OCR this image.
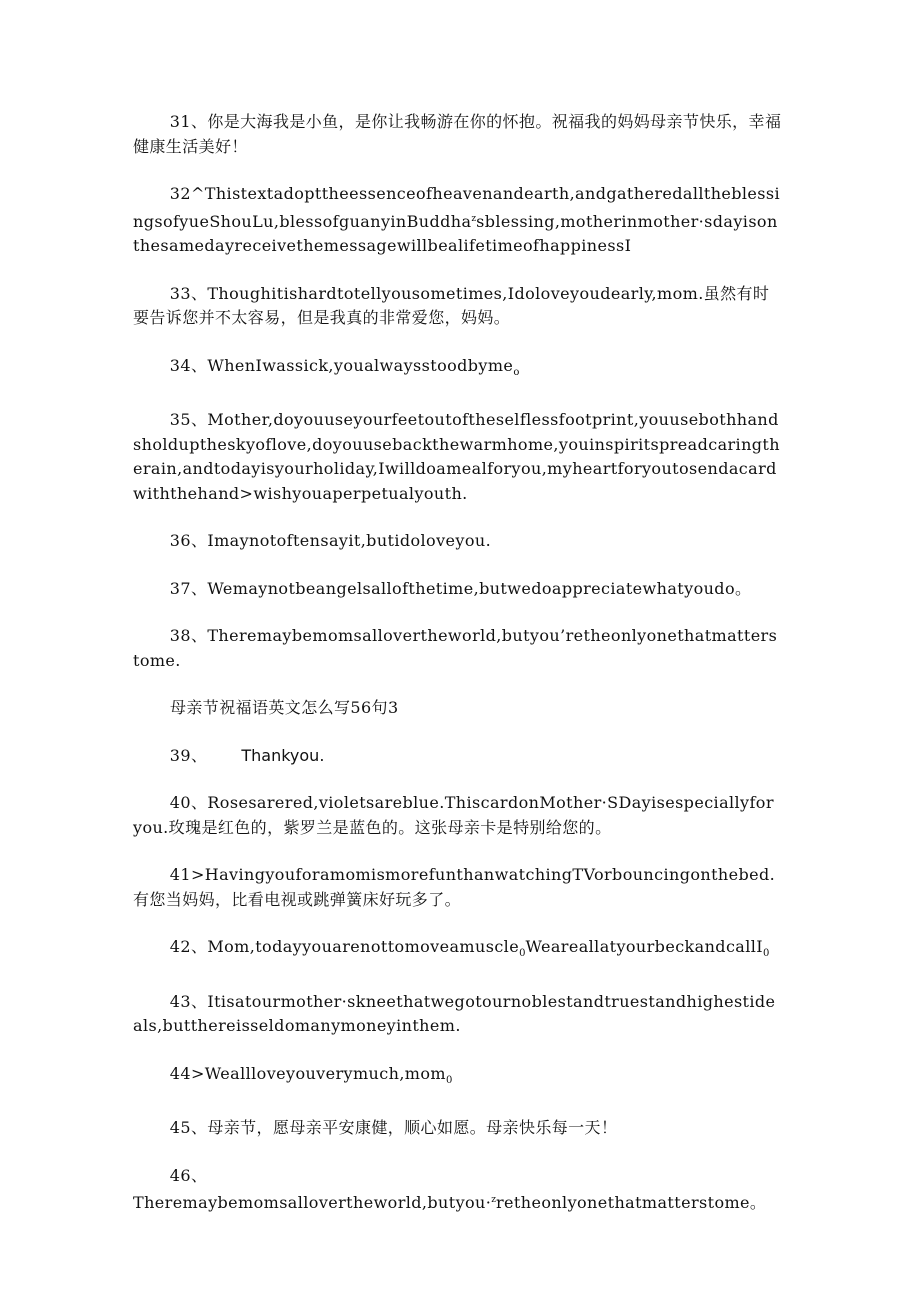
31、你是大海我是小鱼，是你让我畅游在你的怀抱。祝福我的妈妈母亲节快乐，幸福健康生活美好！

32^Thistextadopttheessenceofheavenandearth,andgatheredalltheblessingsofyueShouLu,blessofguanyinBuddha$^z$sblessing,motherinmother·sdayisonthesamedayreceivethemessagewillbealifetimeofhappinessI

33、Thoughitishardtotellyousometimes,Idoloveyoudearly,mom.虽然有时要告诉您并不太容易，但是我真的非常爱您，妈妈。

34、WhenIwassick,youalwaysstoodbyme$_o$

35、Mother,doyouuseyourfeetoutoftheselflessfootprint,youusebothhandsholduptheskyoflove,doyouusebackthewarmhome,youinspiritspreadcaringtherain,andtodayisyourholiday,Iwilldoamealforyou,myheartforyoutosendacardwiththehand>wishyouaperpetualyouth.

36、Imaynotoftensayit,butidoloveyou.

37、Wemaynotbeangelsallofthetime,butwedoappreciatewhatyoudo。

38、Theremaybemomsallovertheworld,butyou’retheonlyonethatmatterstome.

母亲节祝福语英文怎么写56句3

39、 Thankyou.

40、Rosesarered,violetsareblue.ThiscardonMother·SDayisespeciallyforyou.玫瑰是红色的，紫罗兰是蓝色的。这张母亲卡是特别给您的。

41>HavingyouforamomismorefunthanwatchingTVorbouncingonthebed.有您当妈妈，比看电视或跳弹簧床好玩多了。

42、Mom,todayyouarenottomoveamuscle$_0$WeareallatyourbeckandcallI$_0$

43、Itisatourmother·skneethatwegotournoblestandtruestandhighestideals,butthereisseldomanymoneyinthem.

44>Weallloveyouverymuch,mom$_0$

45、母亲节，愿母亲平安康健，顺心如愿。母亲快乐每一天！

46、
Theremaybemomsallovertheworld,butyou·$^z$retheonlyonethatmatterstome。
